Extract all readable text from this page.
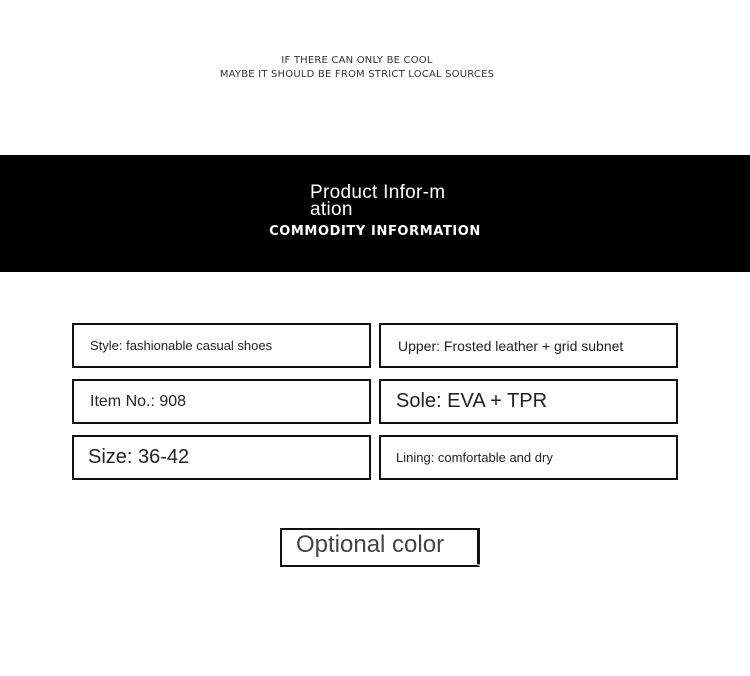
IF THERE CAN ONLY BE COOL
MAYBE IT SHOULD BE FROM STRICT LOCAL SOURCES
Product Infor-mation
COMMODITY INFORMATION
Style: fashionable casual shoes	Upper: Frosted leather + grid subnet
Item No.: 908	Sole: EVA + TPR
Size: 36-42	Lining: comfortable and dry
Optional color
